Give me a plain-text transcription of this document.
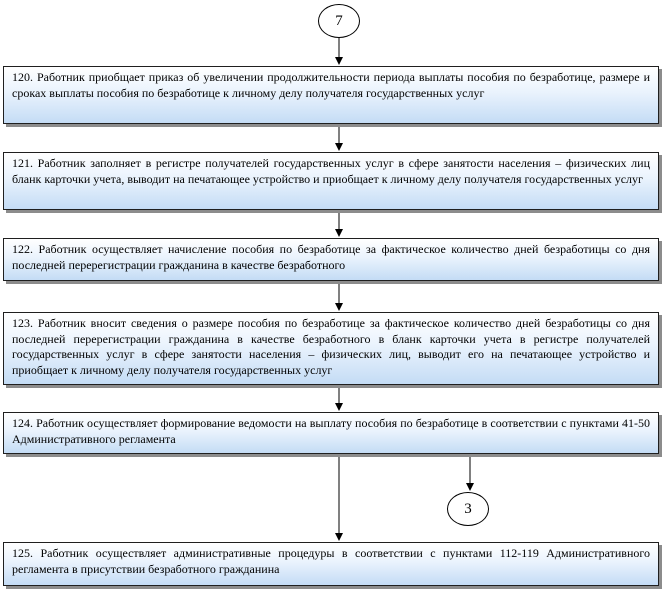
7
120. Работник приобщает приказ об увеличении продолжительности периода выплаты пособия по безработице, размере и сроках выплаты пособия по безработице к личному делу получателя государственных услуг
121. Работник заполняет в регистре получателей государственных услуг в сфере занятости населения – физических лиц бланк карточки учета, выводит на печатающее устройство и приобщает к личному делу получателя государственных услуг
122. Работник осуществляет начисление пособия по безработице за фактическое количество дней безработицы со дня последней перерегистрации гражданина в качестве безработного
123. Работник вносит сведения о размере пособия по безработице за фактическое количество дней безработицы со дня последней перерегистрации гражданина в качестве безработного в бланк карточки учета в регистре получателей государственных услуг в сфере занятости населения – физических лиц, выводит его на печатающее устройство и приобщает к личному делу получателя государственных услуг
124. Работник осуществляет формирование ведомости на выплату пособия по безработице в соответствии с пунктами 41-50 Административного регламента
3
125. Работник осуществляет административные процедуры в соответствии с пунктами 112-119 Административного регламента в присутствии безработного гражданина
